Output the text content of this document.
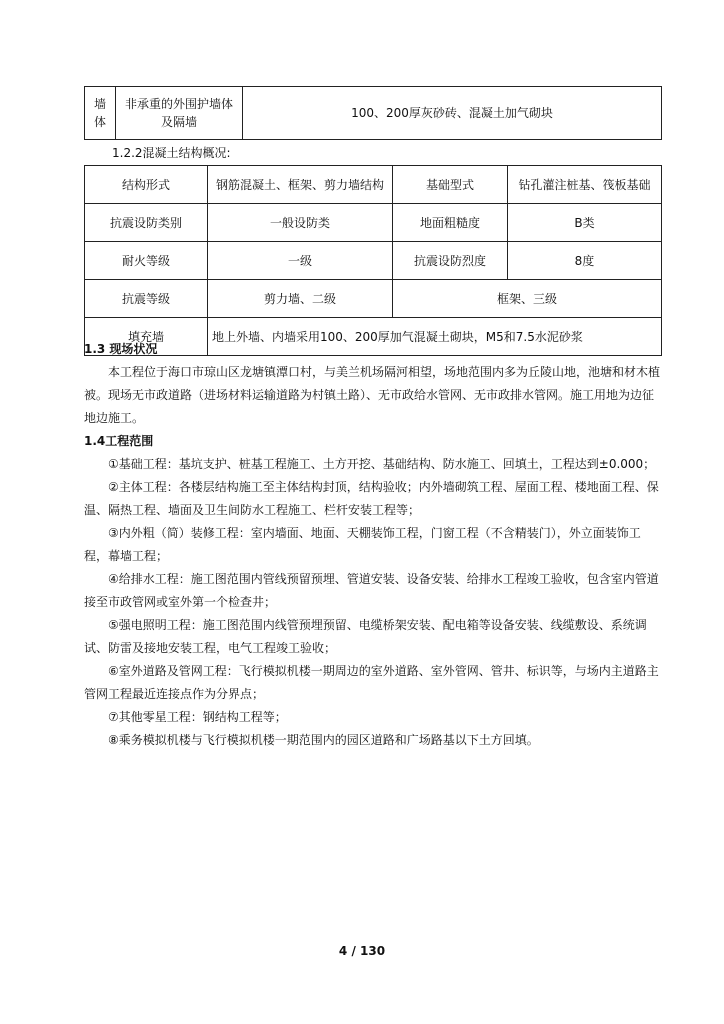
墙体	非承重的外围护墙体及隔墙	100、200厚灰砂砖、混凝土加气砌块
1.2.2混凝土结构概况:
结构形式	钢筋混凝土、框架、剪力墙结构	基础型式	钻孔灌注桩基、筏板基础
抗震设防类别	一般设防类	地面粗糙度	B类
耐火等级	一级	抗震设防烈度	8度
抗震等级	剪力墙、二级	框架、三级	
填充墙	地上外墙、内墙采用100、200厚加气混凝土砌块，M5和7.5水泥砂浆		

1.3 现场状况

本工程位于海口市琼山区龙塘镇潭口村，与美兰机场隔河相望，场地范围内多为丘陵山地，池塘和材木植被。现场无市政道路（进场材料运输道路为村镇土路）、无市政给水管网、无市政排水管网。施工用地为边征地边施工。

1.4工程范围

①基础工程：基坑支护、桩基工程施工、土方开挖、基础结构、防水施工、回填土，工程达到±0.000；

②主体工程：各楼层结构施工至主体结构封顶，结构验收；内外墙砌筑工程、屋面工程、楼地面工程、保温、隔热工程、墙面及卫生间防水工程施工、栏杆安装工程等；

③内外粗（简）装修工程：室内墙面、地面、天棚装饰工程，门窗工程（不含精装门），外立面装饰工程，幕墙工程；

④给排水工程：施工图范围内管线预留预埋、管道安装、设备安装、给排水工程竣工验收，包含室内管道接至市政管网或室外第一个检查井；

⑤强电照明工程：施工图范围内线管预埋预留、电缆桥架安装、配电箱等设备安装、线缆敷设、系统调试、防雷及接地安装工程，电气工程竣工验收；

⑥室外道路及管网工程：飞行模拟机楼一期周边的室外道路、室外管网、管井、标识等，与场内主道路主管网工程最近连接点作为分界点；

⑦其他零星工程：钢结构工程等；

⑧乘务模拟机楼与飞行模拟机楼一期范围内的园区道路和广场路基以下土方回填。

4 / 130
